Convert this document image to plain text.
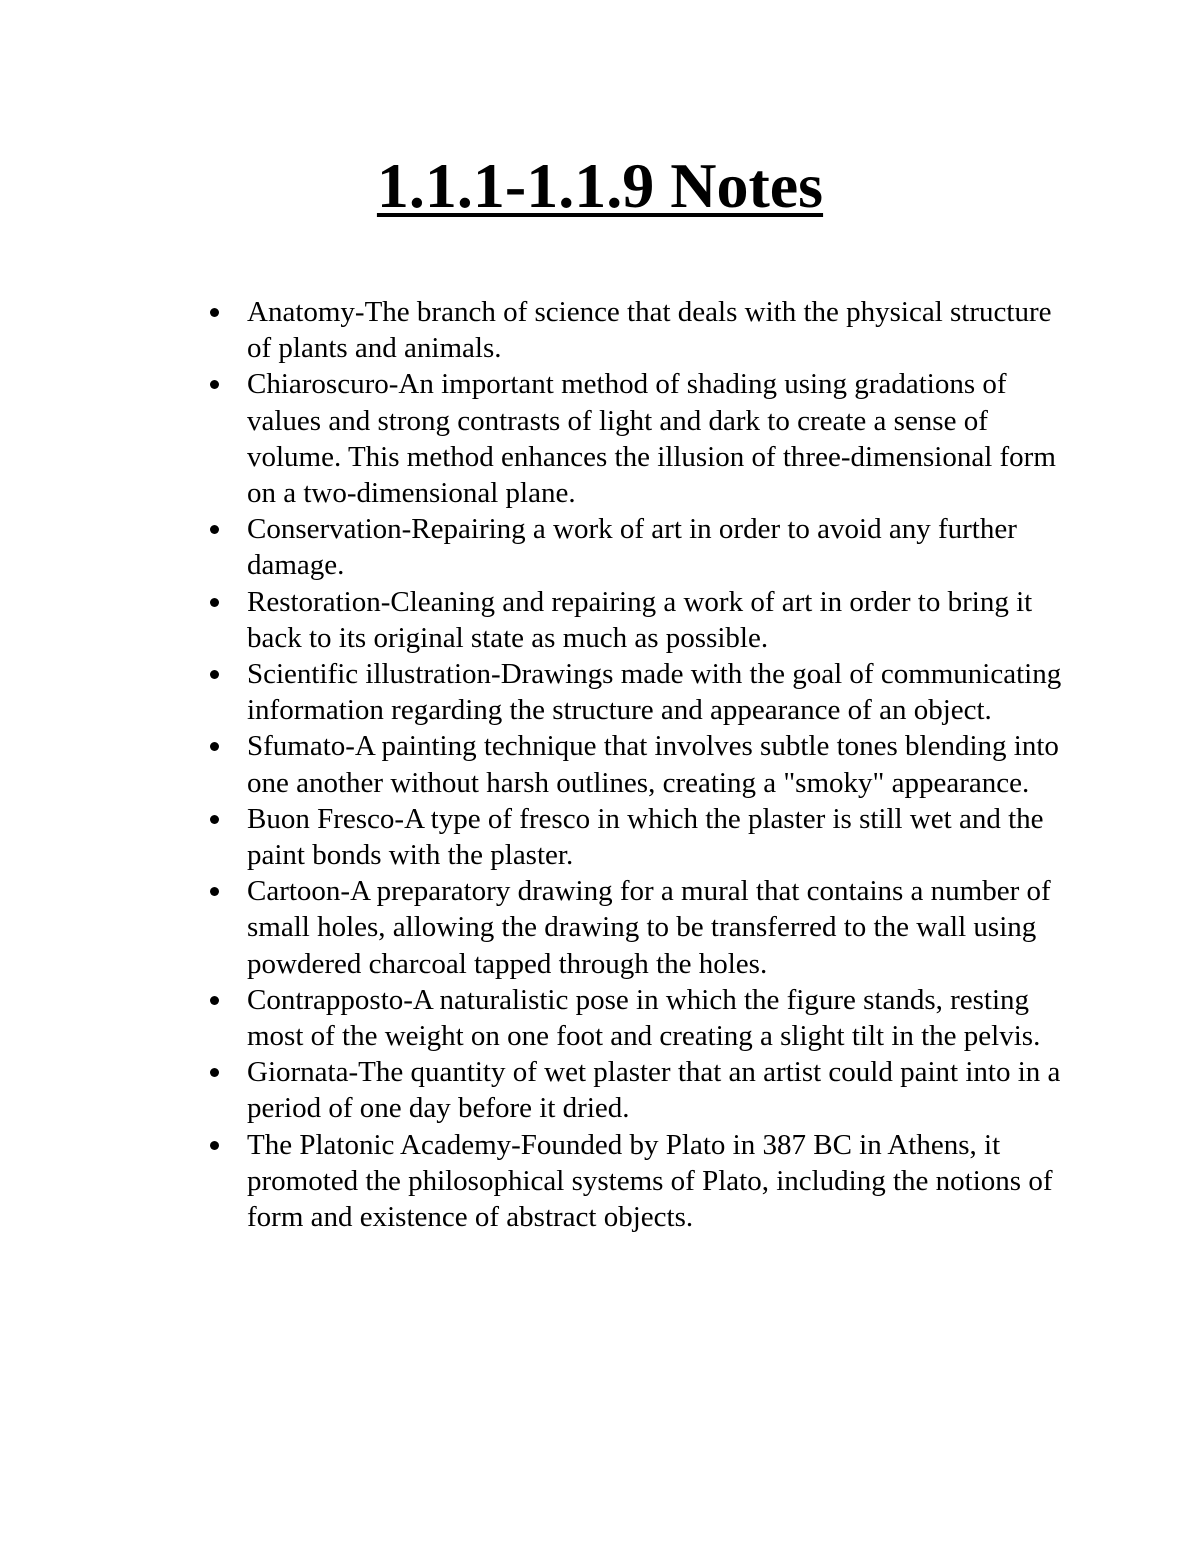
1.1.1-1.1.9 Notes
Anatomy-The branch of science that deals with the physical structure of plants and animals.
Chiaroscuro-An important method of shading using gradations of values and strong contrasts of light and dark to create a sense of volume. This method enhances the illusion of three-dimensional form on a two-dimensional plane.
Conservation-Repairing a work of art in order to avoid any further damage.
Restoration-Cleaning and repairing a work of art in order to bring it back to its original state as much as possible.
Scientific illustration-Drawings made with the goal of communicating information regarding the structure and appearance of an object.
Sfumato-A painting technique that involves subtle tones blending into one another without harsh outlines, creating a "smoky" appearance.
Buon Fresco-A type of fresco in which the plaster is still wet and the paint bonds with the plaster.
Cartoon-A preparatory drawing for a mural that contains a number of small holes, allowing the drawing to be transferred to the wall using powdered charcoal tapped through the holes.
Contrapposto-A naturalistic pose in which the figure stands, resting most of the weight on one foot and creating a slight tilt in the pelvis.
Giornata-The quantity of wet plaster that an artist could paint into in a period of one day before it dried.
The Platonic Academy-Founded by Plato in 387 BC in Athens, it promoted the philosophical systems of Plato, including the notions of form and existence of abstract objects.
